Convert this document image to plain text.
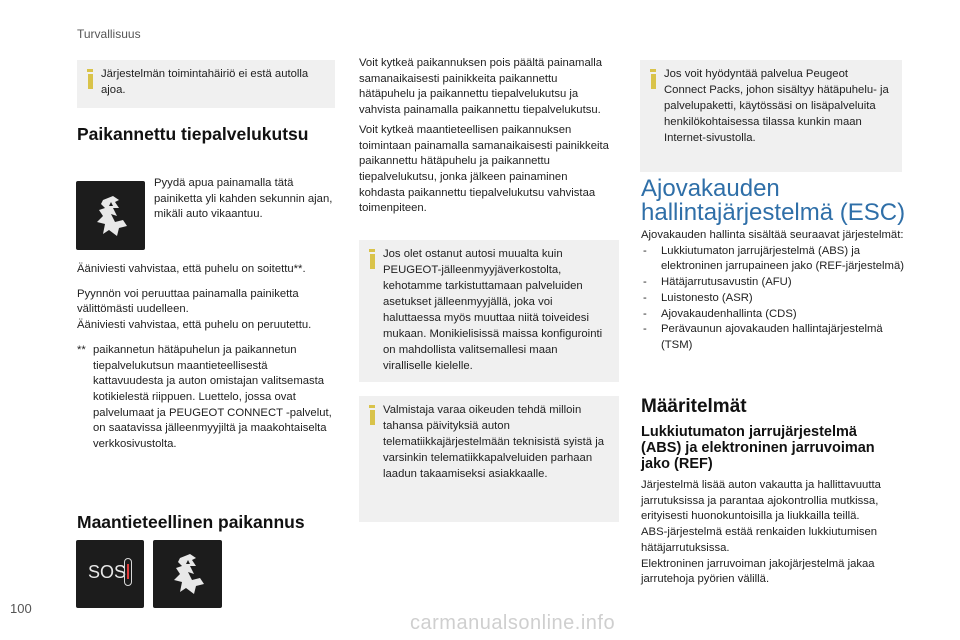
Turvallisuus
Järjestelmän toimintahäiriö ei estä autolla ajoa.
Paikannettu tiepalvelukutsu
Pyydä apua painamalla tätä painiketta yli kahden sekunnin ajan, mikäli auto vikaantuu.

Ääniviesti vahvistaa, että puhelu on soitettu**.

Pyynnön voi peruuttaa painamalla painiketta välittömästi uudelleen.

Ääniviesti vahvistaa, että puhelu on peruutettu.

** paikannetun hätäpuhelun ja paikannetun tiepalvelukutsun maantieteellisestä kattavuudesta ja auton omistajan valitsemasta kotikielestä riippuen. Luettelo, jossa ovat palvelumaat ja PEUGEOT CONNECT -palvelut, on saatavissa jälleenmyyjiltä ja maakohtaiselta verkkosivustolta.
Maantieteellinen paikannus
SOS

Voit kytkeä paikannuksen pois päältä painamalla samanaikaisesti painikkeita paikannettu hätäpuhelu ja paikannettu tiepalvelukutsu ja vahvista painamalla paikannettu tiepalvelukutsu.

Voit kytkeä maantieteellisen paikannuksen toimintaan painamalla samanaikaisesti painikkeita paikannettu hätäpuhelu ja paikannettu tiepalvelukutsu, jonka jälkeen painaminen kohdasta paikannettu tiepalvelukutsu vahvistaa toimenpiteen.

Jos olet ostanut autosi muualta kuin PEUGEOT-jälleenmyyjäverkostolta, kehotamme tarkistuttamaan palveluiden asetukset jälleenmyyjällä, joka voi haluttaessa myös muuttaa niitä toiveidesi mukaan. Monikielisissä maissa konfigurointi on mahdollista valitsemallesi maan viralliselle kielelle.
Valmistaja varaa oikeuden tehdä milloin tahansa päivityksiä auton telematiikkajärjestelmään teknisistä syistä ja varsinkin telematiikkapalveluiden parhaan laadun takaamiseksi asiakkaalle.
Jos voit hyödyntää palvelua Peugeot Connect Packs, johon sisältyy hätäpuhelu- ja palvelupaketti, käytössäsi on lisäpalveluita henkilökohtaisessa tilassa kunkin maan Internet-sivustolla.
Ajovakauden
hallintajärjestelmä (ESC)

Ajovakauden hallinta sisältää seuraavat järjestelmät:

- Lukkiutumaton jarrujärjestelmä (ABS) ja elektroninen jarrupaineen jako (REF-järjestelmä)
- Hätäjarrutusavustin (AFU)
- Luistonesto (ASR)
- Ajovakaudenhallinta (CDS)
- Perävaunun ajovakauden hallintajärjestelmä (TSM)
Määritelmät
Lukkiutumaton jarrujärjestelmä (ABS) ja elektroninen jarruvoiman jako (REF)

Järjestelmä lisää auton vakautta ja hallittavuutta jarrutuksissa ja parantaa ajokontrollia mutkissa, erityisesti huonokuntoisilla ja liukkailla teillä.

ABS-järjestelmä estää renkaiden lukkiutumisen hätäjarrutuksissa.

Elektroninen jarruvoiman jakojärjestelmä jakaa jarrutehoja pyörien välillä.

100
carmanualsonline.info
